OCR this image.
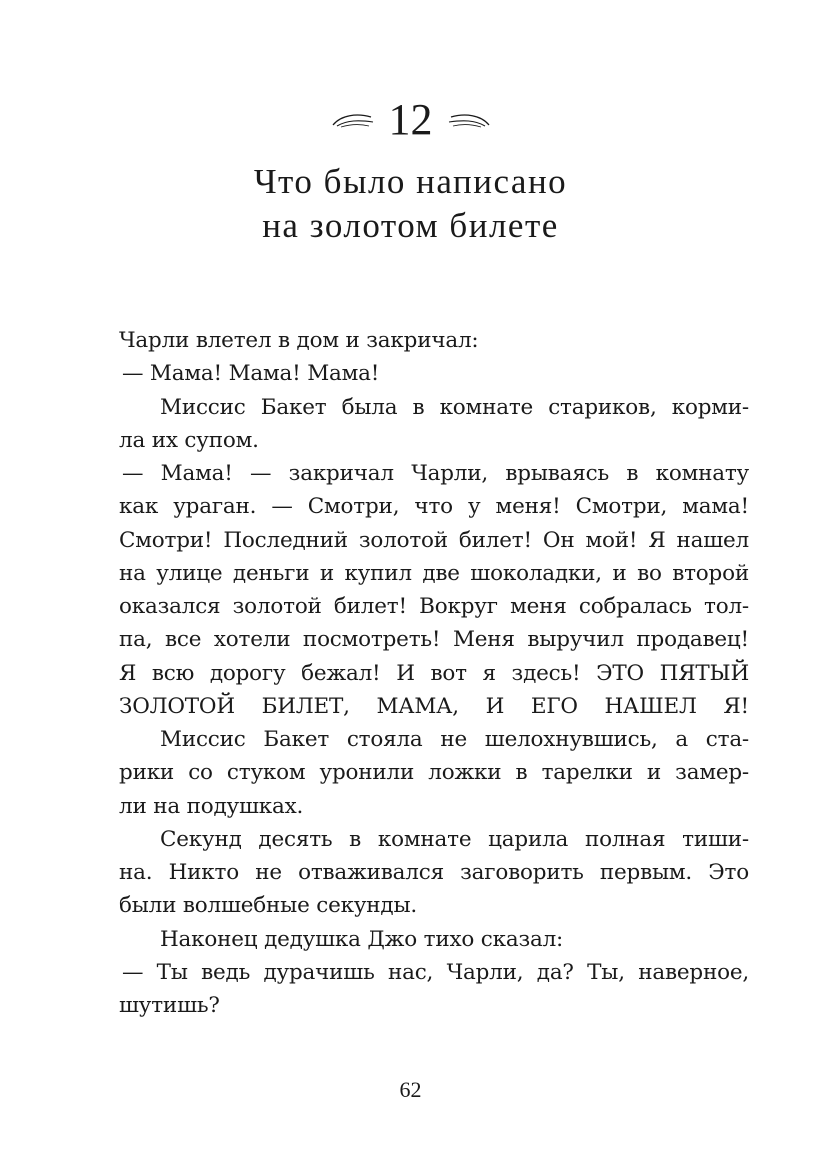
12
Что было написано
на золотом билете
Чарли влетел в дом и закричал:
— Мама! Мама! Мама!
Миссис Бакет была в комнате стариков, корми-
ла их супом.
— Мама! — закричал Чарли, врываясь в комнату
как ураган. — Смотри, что у меня! Смотри, мама!
Смотри! Последний золотой билет! Он мой! Я нашел
на улице деньги и купил две шоколадки, и во второй
оказался золотой билет! Вокруг меня собралась тол-
па, все хотели посмотреть! Меня выручил продавец!
Я всю дорогу бежал! И вот я здесь! ЭТО ПЯТЫЙ
ЗОЛОТОЙ БИЛЕТ, МАМА, И ЕГО НАШЕЛ Я!
Миссис Бакет стояла не шелохнувшись, а ста-
рики со стуком уронили ложки в тарелки и замер-
ли на подушках.
Секунд десять в комнате царила полная тиши-
на. Никто не отваживался заговорить первым. Это
были волшебные секунды.
Наконец дедушка Джо тихо сказал:
— Ты ведь дурачишь нас, Чарли, да? Ты, наверное,
шутишь?
62
